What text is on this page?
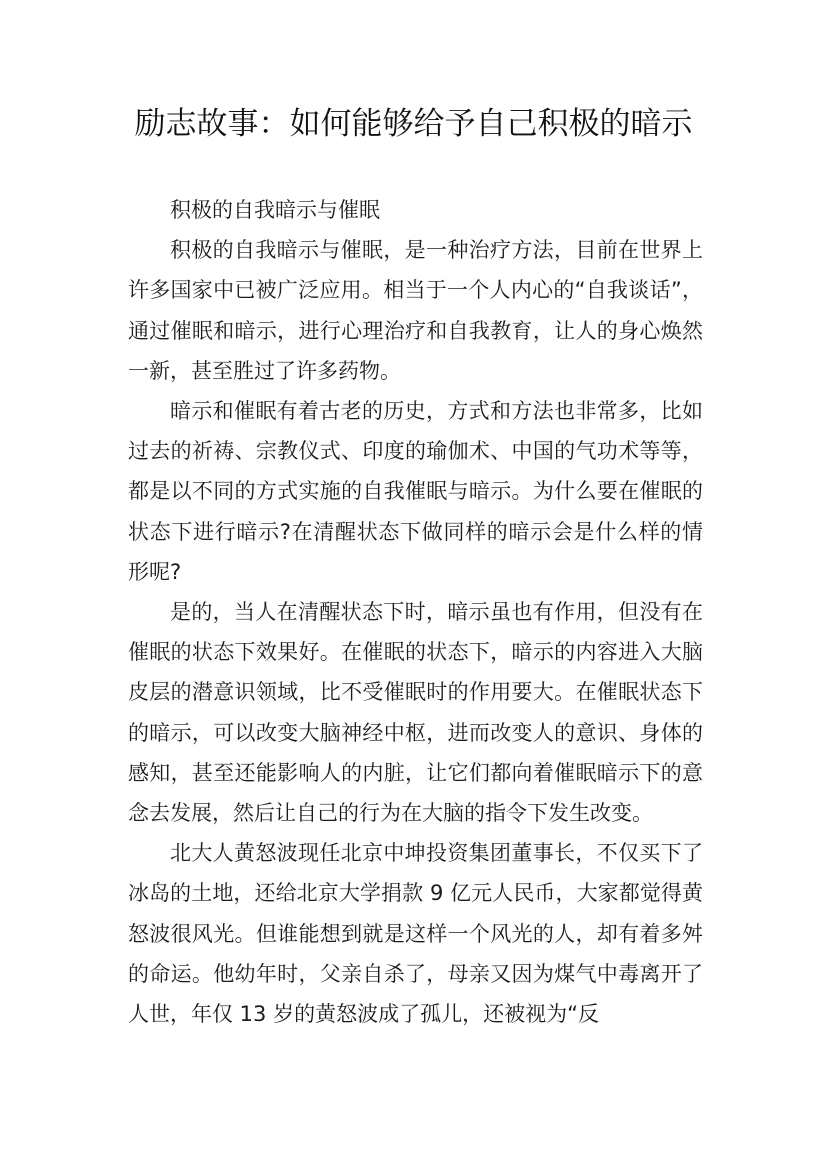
励志故事：如何能够给予自己积极的暗示

积极的自我暗示与催眠

积极的自我暗示与催眠，是一种治疗方法，目前在世界上许多国家中已被广泛应用。相当于一个人内心的“自我谈话”，通过催眠和暗示，进行心理治疗和自我教育，让人的身心焕然一新，甚至胜过了许多药物。

暗示和催眠有着古老的历史，方式和方法也非常多，比如过去的祈祷、宗教仪式、印度的瑜伽术、中国的气功术等等，都是以不同的方式实施的自我催眠与暗示。为什么要在催眠的状态下进行暗示?在清醒状态下做同样的暗示会是什么样的情形呢?

是的，当人在清醒状态下时，暗示虽也有作用，但没有在催眠的状态下效果好。在催眠的状态下，暗示的内容进入大脑皮层的潜意识领域，比不受催眠时的作用要大。在催眠状态下的暗示，可以改变大脑神经中枢，进而改变人的意识、身体的感知，甚至还能影响人的内脏，让它们都向着催眠暗示下的意念去发展，然后让自己的行为在大脑的指令下发生改变。

北大人黄怒波现任北京中坤投资集团董事长，不仅买下了冰岛的土地，还给北京大学捐款 9 亿元人民币，大家都觉得黄怒波很风光。但谁能想到就是这样一个风光的人，却有着多舛的命运。他幼年时，父亲自杀了，母亲又因为煤气中毒离开了人世，年仅 13 岁的黄怒波成了孤儿，还被视为“反
